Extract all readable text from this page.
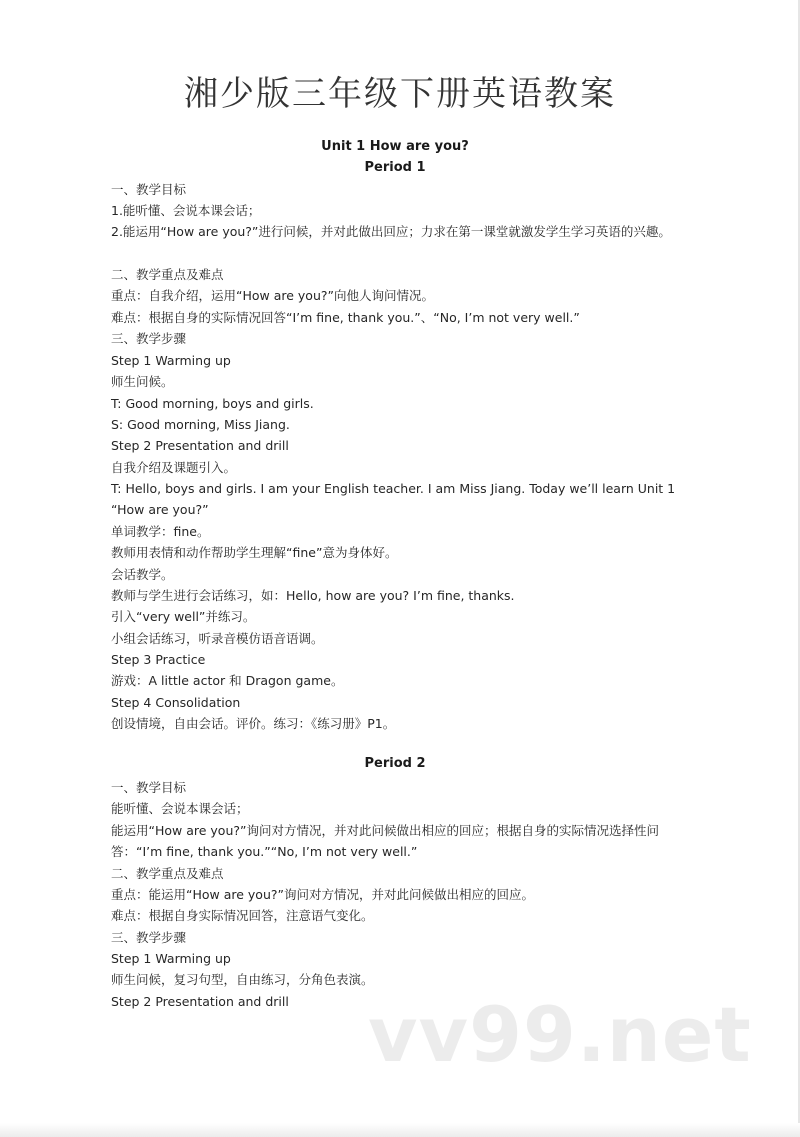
湘少版三年级下册英语教案
Unit 1 How are you?
Period 1
一、教学目标
1.能听懂、会说本课会话；
2.能运用“How are you?”进行问候，并对此做出回应；力求在第一课堂就激发学生学习英语的兴趣。
二、教学重点及难点
重点：自我介绍，运用“How are you?”向他人询问情况。
难点：根据自身的实际情况回答“I’m fine, thank you.”、“No, I’m not very well.”
三、教学步骤
Step 1 Warming up
师生问候。
T: Good morning, boys and girls.
S: Good morning, Miss Jiang.
Step 2 Presentation and drill
自我介绍及课题引入。
T: Hello, boys and girls. I am your English teacher. I am Miss Jiang. Today we’ll learn Unit 1 “How are you?”
单词教学：fine。
教师用表情和动作帮助学生理解“fine”意为身体好。
会话教学。
教师与学生进行会话练习，如：Hello, how are you? I’m fine, thanks.
引入“very well”并练习。
小组会话练习，听录音模仿语音语调。
Step 3 Practice
游戏：A little actor 和 Dragon game。
Step 4 Consolidation
创设情境，自由会话。评价。练习：《练习册》P1。
Period 2
一、教学目标
能听懂、会说本课会话；
能运用“How are you?”询问对方情况，并对此问候做出相应的回应；根据自身的实际情况选择性问答：“I’m fine, thank you.”“No, I’m not very well.”
二、教学重点及难点
重点：能运用“How are you?”询问对方情况，并对此问候做出相应的回应。
难点：根据自身实际情况回答，注意语气变化。
三、教学步骤
Step 1 Warming up
师生问候，复习句型，自由练习，分角色表演。
Step 2 Presentation and drill	vv99.net
